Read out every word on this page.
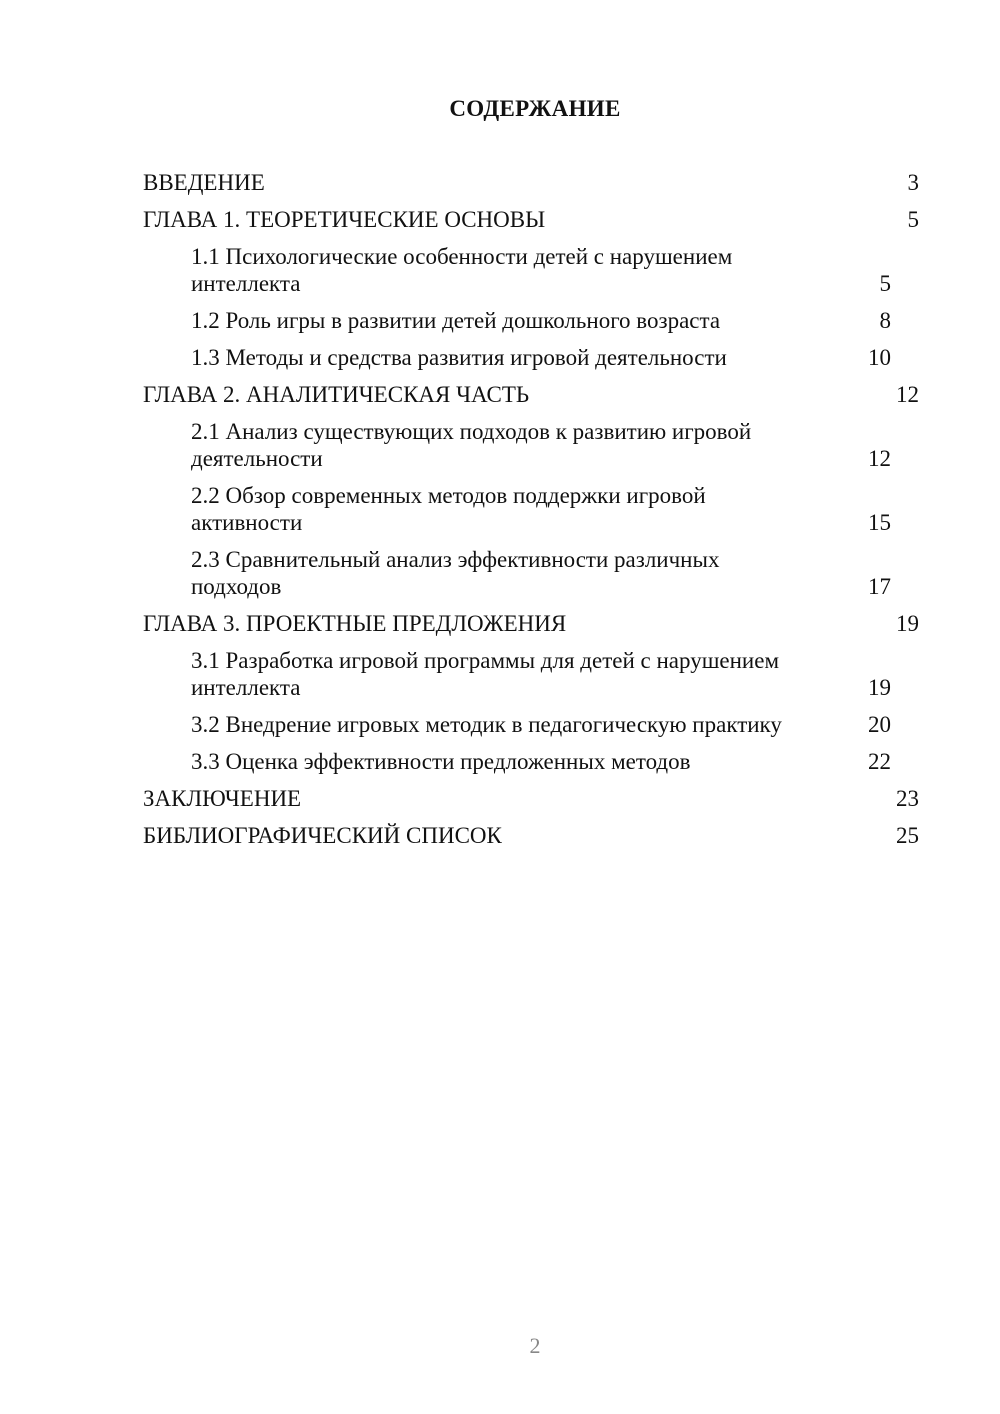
СОДЕРЖАНИЕ
ВВЕДЕНИЕ	3
ГЛАВА 1. ТЕОРЕТИЧЕСКИЕ ОСНОВЫ	5
1.1 Психологические особенности детей с нарушением интеллекта	5
1.2 Роль игры в развитии детей дошкольного возраста	8
1.3 Методы и средства развития игровой деятельности	10
ГЛАВА 2. АНАЛИТИЧЕСКАЯ ЧАСТЬ	12
2.1 Анализ существующих подходов к развитию игровой деятельности	12
2.2 Обзор современных методов поддержки игровой активности	15
2.3 Сравнительный анализ эффективности различных подходов	17
ГЛАВА 3. ПРОЕКТНЫЕ ПРЕДЛОЖЕНИЯ	19
3.1 Разработка игровой программы для детей с нарушением интеллекта	19
3.2 Внедрение игровых методик в педагогическую практику	20
3.3 Оценка эффективности предложенных методов	22
ЗАКЛЮЧЕНИЕ	23
БИБЛИОГРАФИЧЕСКИЙ СПИСОК	25
2
